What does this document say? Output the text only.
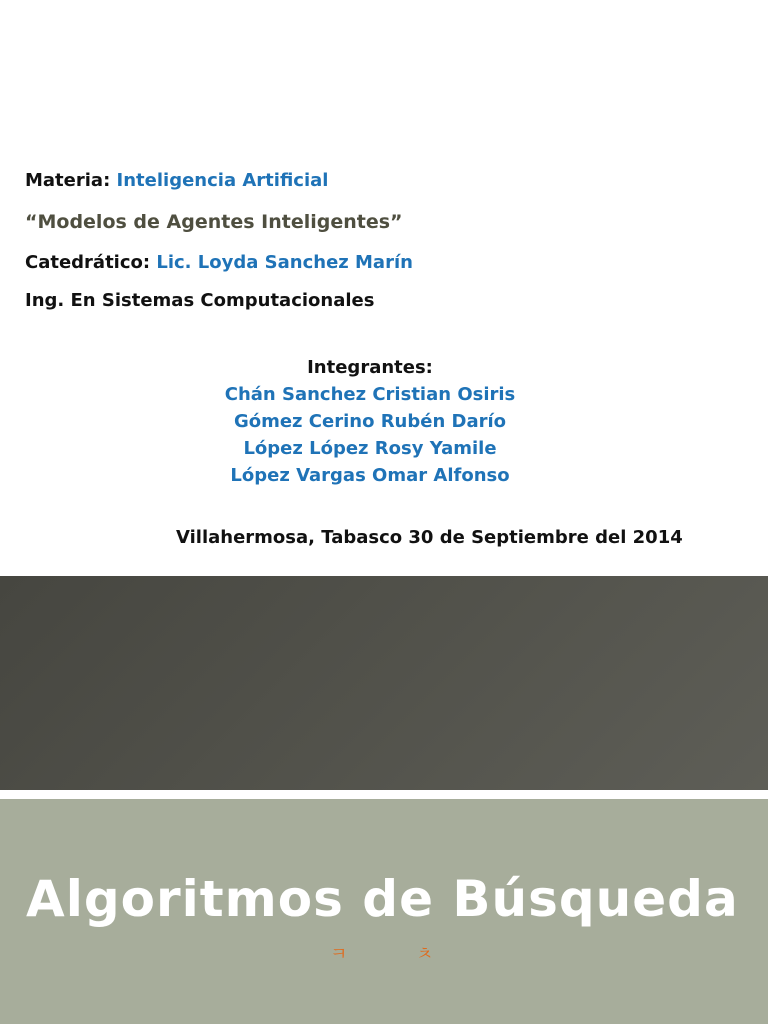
Materia: Inteligencia Artificial
“Modelos de Agentes Inteligentes”
Catedrático: Lic. Loyda Sanchez Marín
Ing. En Sistemas Computacionales
Integrantes:
Chán Sanchez Cristian Osiris
Gómez Cerino Rubén Darío
López López Rosy Yamile
López Vargas Omar Alfonso
Villahermosa, Tabasco 30 de Septiembre del 2014
Algoritmos de Búsqueda
ㅋ	ㅊ
